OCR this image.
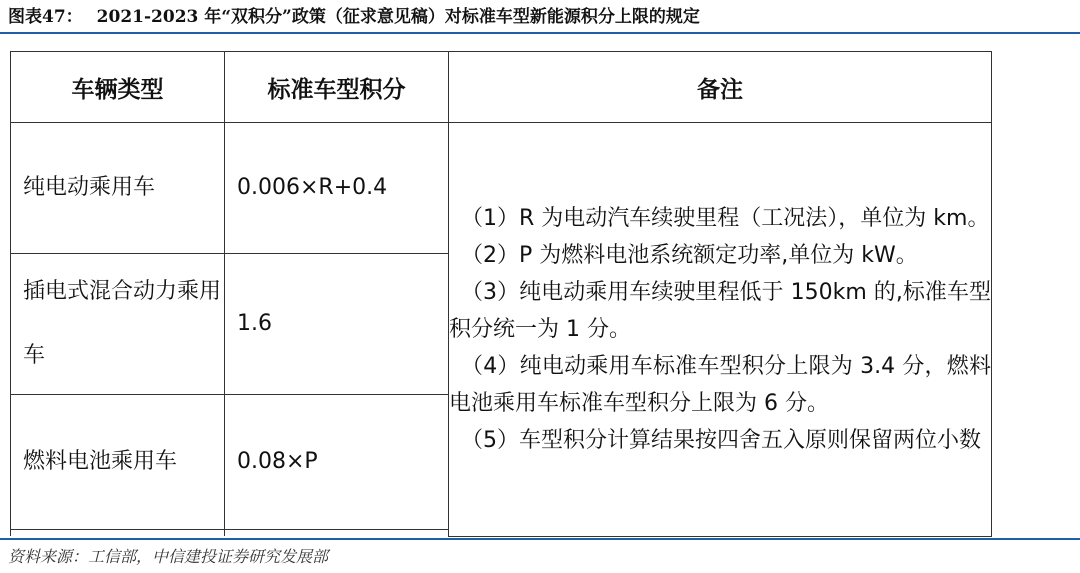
图表47： 2021-2023 年“双积分”政策（征求意见稿）对标准车型新能源积分上限的规定
车辆类型	标准车型积分	备注

纯电动乘用车	0.006×R+0.4	（1）R 为电动汽车续驶里程（工况法），单位为 km。
（2）P 为燃料电池系统额定功率,单位为 kW。
（3）纯电动乘用车续驶里程低于 150km 的,标准车型积分统一为 1 分。
（4）纯电动乘用车标准车型积分上限为 3.4 分，燃料电池乘用车标准车型积分上限为 6 分。
（5）车型积分计算结果按四舍五入原则保留两位小数

插电式混合动力乘用车	1.6	

燃料电池乘用车	0.08×P	

资料来源：工信部，中信建投证券研究发展部
